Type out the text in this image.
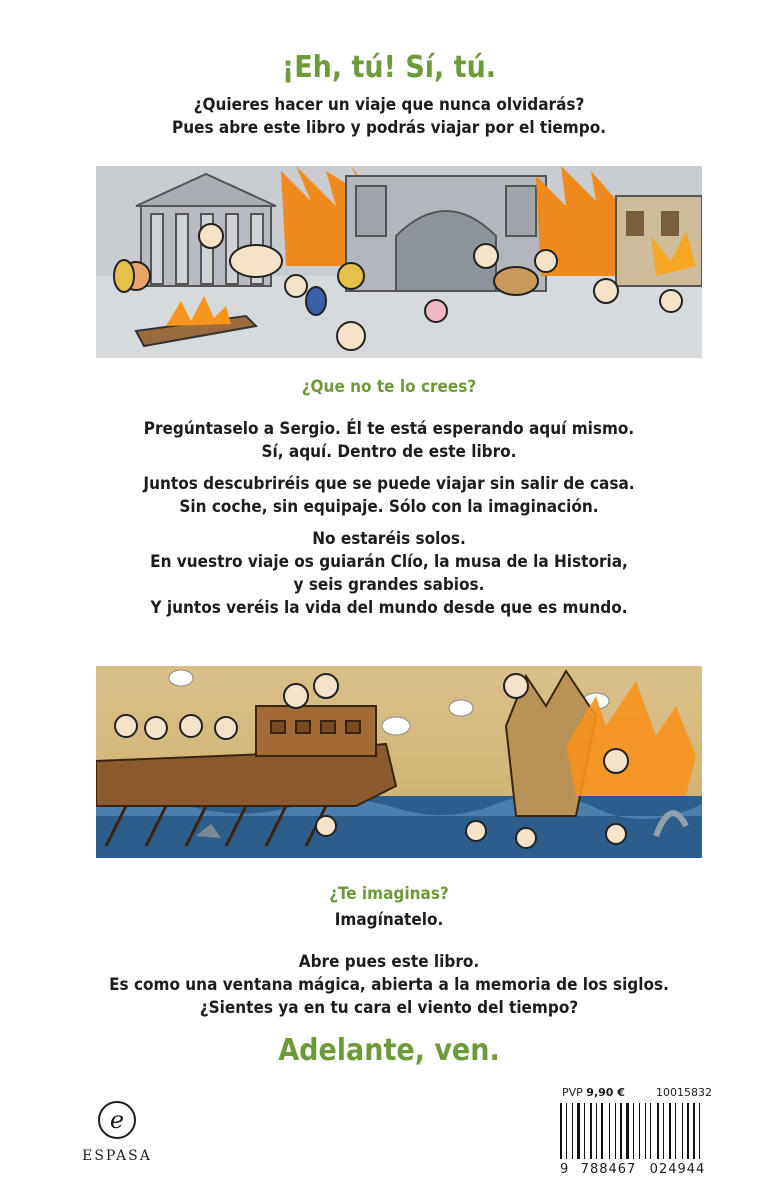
¡Eh, tú! Sí, tú.
¿Quieres hacer un viaje que nunca olvidarás?
Pues abre este libro y podrás viajar por el tiempo.
¿Que no te lo crees?
Pregúntaselo a Sergio. Él te está esperando aquí mismo.
Sí, aquí. Dentro de este libro.
Juntos descubriréis que se puede viajar sin salir de casa.
Sin coche, sin equipaje. Sólo con la imaginación.
No estaréis solos.
En vuestro viaje os guiarán Clío, la musa de la Historia,
y seis grandes sabios.
Y juntos veréis la vida del mundo desde que es mundo.
¿Te imaginas?
Imagínatelo.
Abre pues este libro.
Es como una ventana mágica, abierta a la memoria de los siglos.
¿Sientes ya en tu cara el viento del tiempo?
Adelante, ven.
e
ESPASA
PVP 9,90 €	10015832
9 788467	024944
